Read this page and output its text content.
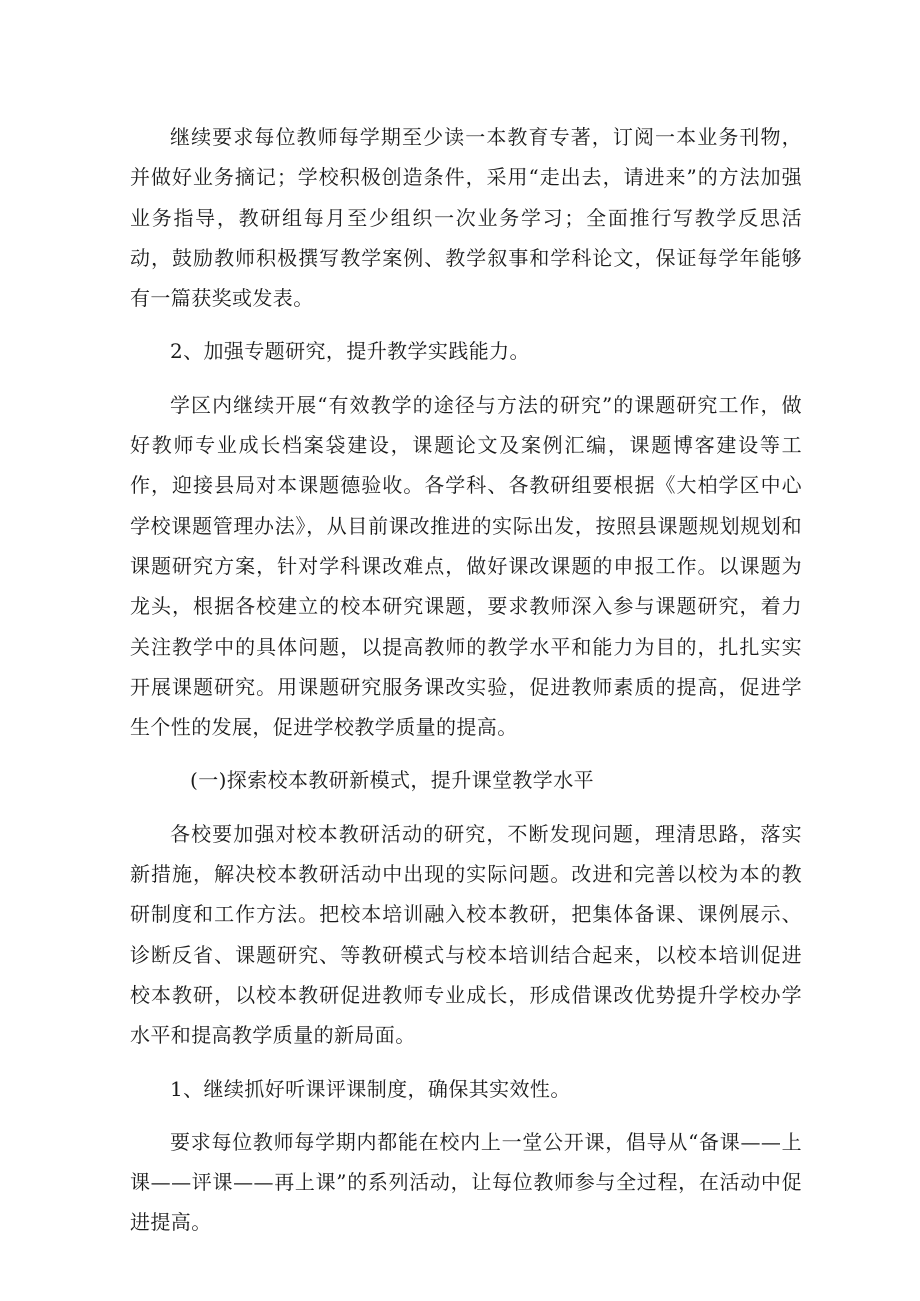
继续要求每位教师每学期至少读一本教育专著，订阅一本业务刊物，并做好业务摘记；学校积极创造条件，采用“走出去，请进来”的方法加强业务指导，教研组每月至少组织一次业务学习；全面推行写教学反思活动，鼓励教师积极撰写教学案例、教学叙事和学科论文，保证每学年能够有一篇获奖或发表。

2、加强专题研究，提升教学实践能力。

学区内继续开展“有效教学的途径与方法的研究”的课题研究工作，做好教师专业成长档案袋建设，课题论文及案例汇编，课题博客建设等工作，迎接县局对本课题德验收。各学科、各教研组要根据《大柏学区中心学校课题管理办法》，从目前课改推进的实际出发，按照县课题规划规划和课题研究方案，针对学科课改难点，做好课改课题的申报工作。以课题为龙头，根据各校建立的校本研究课题，要求教师深入参与课题研究，着力关注教学中的具体问题，以提高教师的教学水平和能力为目的，扎扎实实开展课题研究。用课题研究服务课改实验，促进教师素质的提高，促进学生个性的发展，促进学校教学质量的提高。

(一)探索校本教研新模式，提升课堂教学水平

各校要加强对校本教研活动的研究，不断发现问题，理清思路，落实新措施，解决校本教研活动中出现的实际问题。改进和完善以校为本的教研制度和工作方法。把校本培训融入校本教研，把集体备课、课例展示、诊断反省、课题研究、等教研模式与校本培训结合起来，以校本培训促进校本教研，以校本教研促进教师专业成长，形成借课改优势提升学校办学水平和提高教学质量的新局面。

1、继续抓好听课评课制度，确保其实效性。

要求每位教师每学期内都能在校内上一堂公开课，倡导从“备课——上课——评课——再上课”的系列活动，让每位教师参与全过程，在活动中促进提高。
